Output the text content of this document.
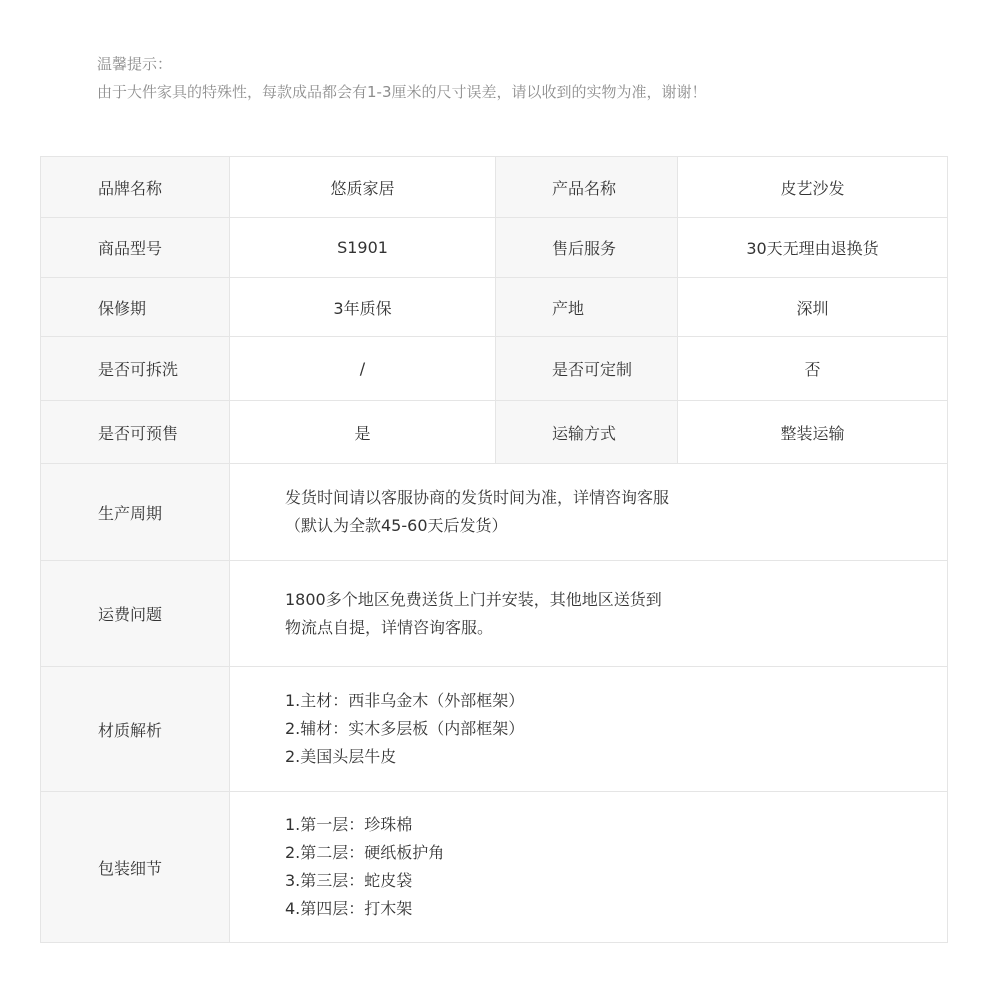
温馨提示：
由于大件家具的特殊性，每款成品都会有1-3厘米的尺寸误差，请以收到的实物为准，谢谢！
品牌名称	悠质家居	产品名称	皮艺沙发
商品型号	S1901	售后服务	30天无理由退换货
保修期	3年质保	产地	深圳
是否可拆洗	/	是否可定制	否
是否可预售	是	运输方式	整装运输
生产周期	发货时间请以客服协商的发货时间为准，详情咨询客服
（默认为全款45-60天后发货）		

运费问题	1800多个地区免费送货上门并安装，其他地区送货到
物流点自提，详情咨询客服。		

材质解析	1.主材：西非乌金木（外部框架）
2.辅材：实木多层板（内部框架）
2.美国头层牛皮		

包装细节	1.第一层：珍珠棉
2.第二层：硬纸板护角
3.第三层：蛇皮袋
4.第四层：打木架		
